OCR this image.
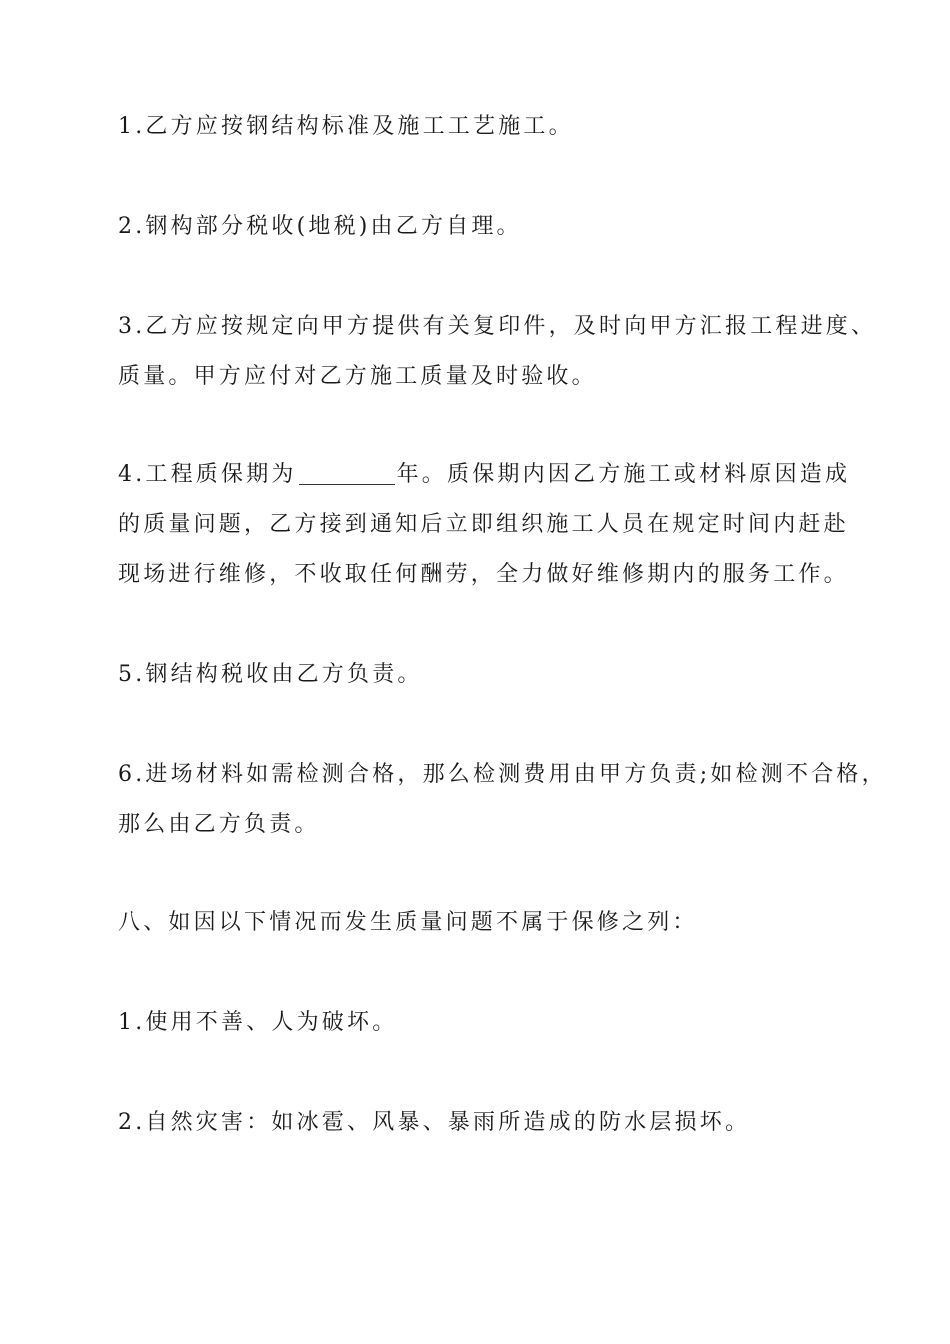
1.乙方应按钢结构标准及施工工艺施工。
2.钢构部分税收(地税)由乙方自理。
3.乙方应按规定向甲方提供有关复印件，及时向甲方汇报工程进度、
质量。甲方应付对乙方施工质量及时验收。
4.工程质保期为	年。质保期内因乙方施工或材料原因造成
的质量问题，乙方接到通知后立即组织施工人员在规定时间内赶赴
现场进行维修，不收取任何酬劳，全力做好维修期内的服务工作。
5.钢结构税收由乙方负责。
6.进场材料如需检测合格，那么检测费用由甲方负责;如检测不合格，
那么由乙方负责。
八、如因以下情况而发生质量问题不属于保修之列：
1.使用不善、人为破坏。
2.自然灾害：如冰雹、风暴、暴雨所造成的防水层损坏。
